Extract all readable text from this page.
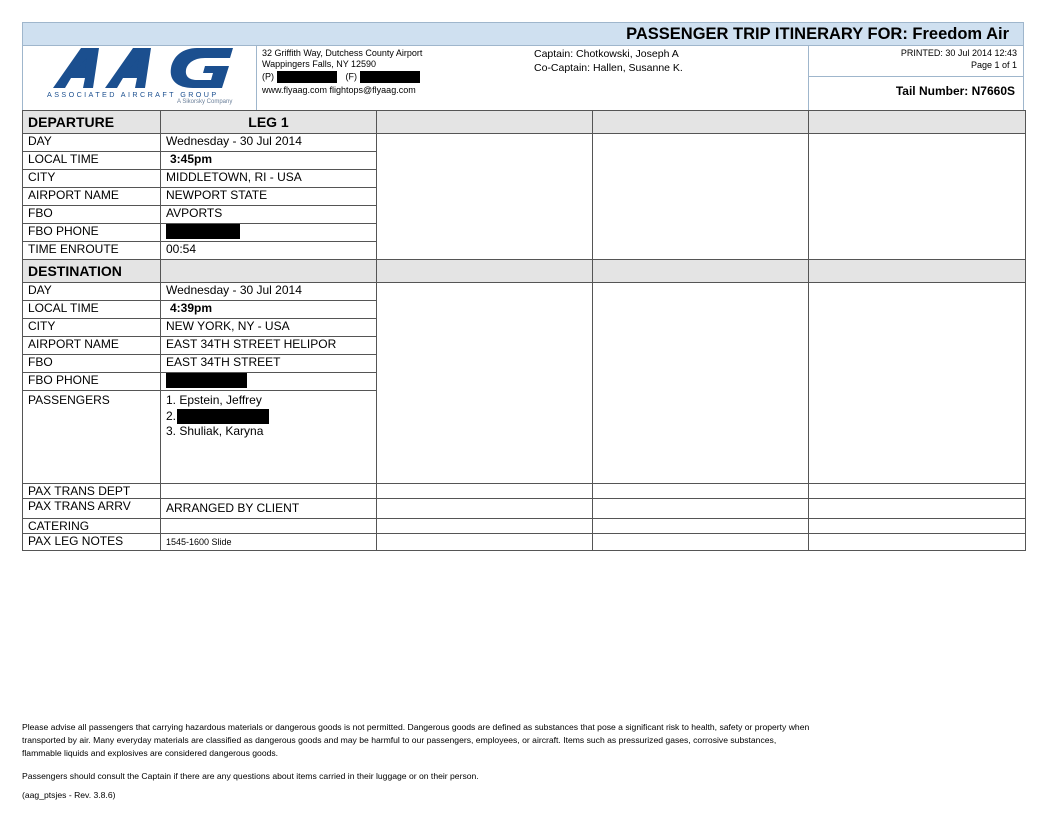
PASSENGER TRIP ITINERARY FOR: Freedom Air
ASSOCIATED AIRCRAFT GROUP
A Sikorsky Company
32 Griffith Way, Dutchess County Airport
Wappingers Falls, NY 12590
(P)	(F)
www.flyaag.com flightops@flyaag.com
Captain: Chotkowski, Joseph A
Co-Captain: Hallen, Susanne K.
PRINTED: 30 Jul 2014 12:43
Page 1 of 1
Tail Number: N7660S
DEPARTURE	LEG 1			
DAY	Wednesday - 30 Jul 2014			
LOCAL TIME	3:45pm			
CITY	MIDDLETOWN, RI - USA			
AIRPORT NAME	NEWPORT STATE			
FBO	AVPORTS			
FBO PHONE				
TIME ENROUTE	00:54			
DESTINATION				
DAY	Wednesday - 30 Jul 2014			
LOCAL TIME	4:39pm			
CITY	NEW YORK, NY - USA			
AIRPORT NAME	EAST 34TH STREET HELIPOR			
FBO	EAST 34TH STREET			
FBO PHONE				
PASSENGERS	1. Epstein, Jeffrey
2.
3. Shuliak, Karyna			

PAX TRANS DEPT				
PAX TRANS ARRV	ARRANGED BY CLIENT			
CATERING				
PAX LEG NOTES	1545-1600 Slide			
Please advise all passengers that carrying hazardous materials or dangerous goods is not permitted. Dangerous goods are defined as substances that pose a significant risk to health, safety or property when
transported by air. Many everyday materials are classified as dangerous goods and may be harmful to our passengers, employees, or aircraft. Items such as pressurized gases, corrosive substances,
flammable liquids and explosives are considered dangerous goods.
Passengers should consult the Captain if there are any questions about items carried in their luggage or on their person.
(aag_ptsjes - Rev. 3.8.6)
